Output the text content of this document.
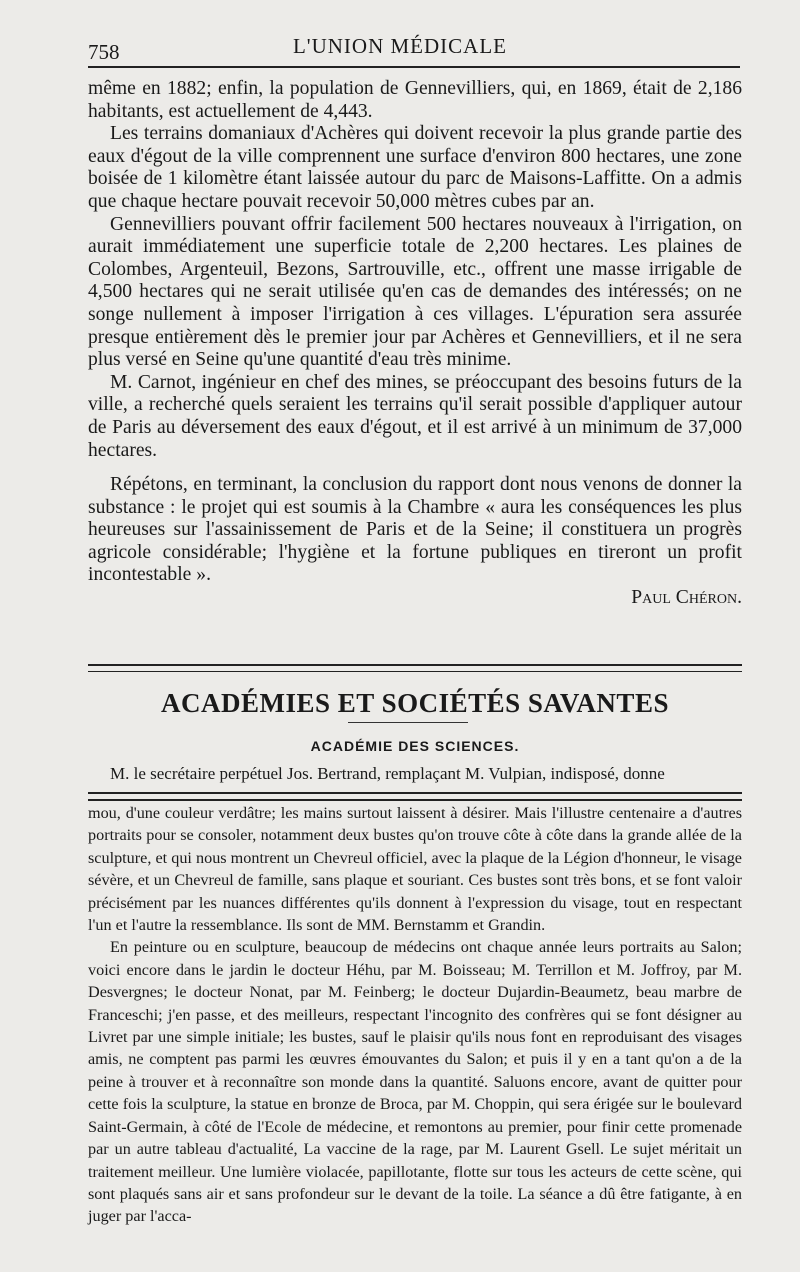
758	L'UNION MÉDICALE

même en 1882; enfin, la population de Gennevilliers, qui, en 1869, était de 2,186 habitants, est actuellement de 4,443.

Les terrains domaniaux d'Achères qui doivent recevoir la plus grande partie des eaux d'égout de la ville comprennent une surface d'environ 800 hectares, une zone boisée de 1 kilomètre étant laissée autour du parc de Maisons-Laffitte. On a admis que chaque hectare pouvait recevoir 50,000 mètres cubes par an.

Gennevilliers pouvant offrir facilement 500 hectares nouveaux à l'irrigation, on aurait immédiatement une superficie totale de 2,200 hectares. Les plaines de Colombes, Argenteuil, Bezons, Sartrouville, etc., offrent une masse irrigable de 4,500 hectares qui ne serait utilisée qu'en cas de demandes des intéressés; on ne songe nullement à imposer l'irrigation à ces villages. L'épuration sera assurée presque entièrement dès le premier jour par Achères et Gennevilliers, et il ne sera plus versé en Seine qu'une quantité d'eau très minime.

M. Carnot, ingénieur en chef des mines, se préoccupant des besoins futurs de la ville, a recherché quels seraient les terrains qu'il serait possible d'appliquer autour de Paris au déversement des eaux d'égout, et il est arrivé à un minimum de 37,000 hectares.

Répétons, en terminant, la conclusion du rapport dont nous venons de donner la substance : le projet qui est soumis à la Chambre « aura les conséquences les plus heureuses sur l'assainissement de Paris et de la Seine; il constituera un progrès agricole considérable; l'hygiène et la fortune publiques en tireront un profit incontestable ».

Paul Chéron.

ACADÉMIES ET SOCIÉTÉS SAVANTES
ACADÉMIE DES SCIENCES.

M. le secrétaire perpétuel Jos. Bertrand, remplaçant M. Vulpian, indisposé, donne

mou, d'une couleur verdâtre; les mains surtout laissent à désirer. Mais l'illustre centenaire a d'autres portraits pour se consoler, notamment deux bustes qu'on trouve côte à côte dans la grande allée de la sculpture, et qui nous montrent un Chevreul officiel, avec la plaque de la Légion d'honneur, le visage sévère, et un Chevreul de famille, sans plaque et souriant. Ces bustes sont très bons, et se font valoir précisément par les nuances différentes qu'ils donnent à l'expression du visage, tout en respectant l'un et l'autre la ressemblance. Ils sont de MM. Bernstamm et Grandin.

En peinture ou en sculpture, beaucoup de médecins ont chaque année leurs portraits au Salon; voici encore dans le jardin le docteur Héhu, par M. Boisseau; M. Terrillon et M. Joffroy, par M. Desvergnes; le docteur Nonat, par M. Feinberg; le docteur Dujardin-Beaumetz, beau marbre de Franceschi; j'en passe, et des meilleurs, respectant l'incognito des confrères qui se font désigner au Livret par une simple initiale; les bustes, sauf le plaisir qu'ils nous font en reproduisant des visages amis, ne comptent pas parmi les œuvres émouvantes du Salon; et puis il y en a tant qu'on a de la peine à trouver et à reconnaître son monde dans la quantité. Saluons encore, avant de quitter pour cette fois la sculpture, la statue en bronze de Broca, par M. Choppin, qui sera érigée sur le boulevard Saint-Germain, à côté de l'Ecole de médecine, et remontons au premier, pour finir cette promenade par un autre tableau d'actualité, La vaccine de la rage, par M. Laurent Gsell. Le sujet méritait un traitement meilleur. Une lumière violacée, papillotante, flotte sur tous les acteurs de cette scène, qui sont plaqués sans air et sans profondeur sur le devant de la toile. La séance a dû être fatigante, à en juger par l'acca-
